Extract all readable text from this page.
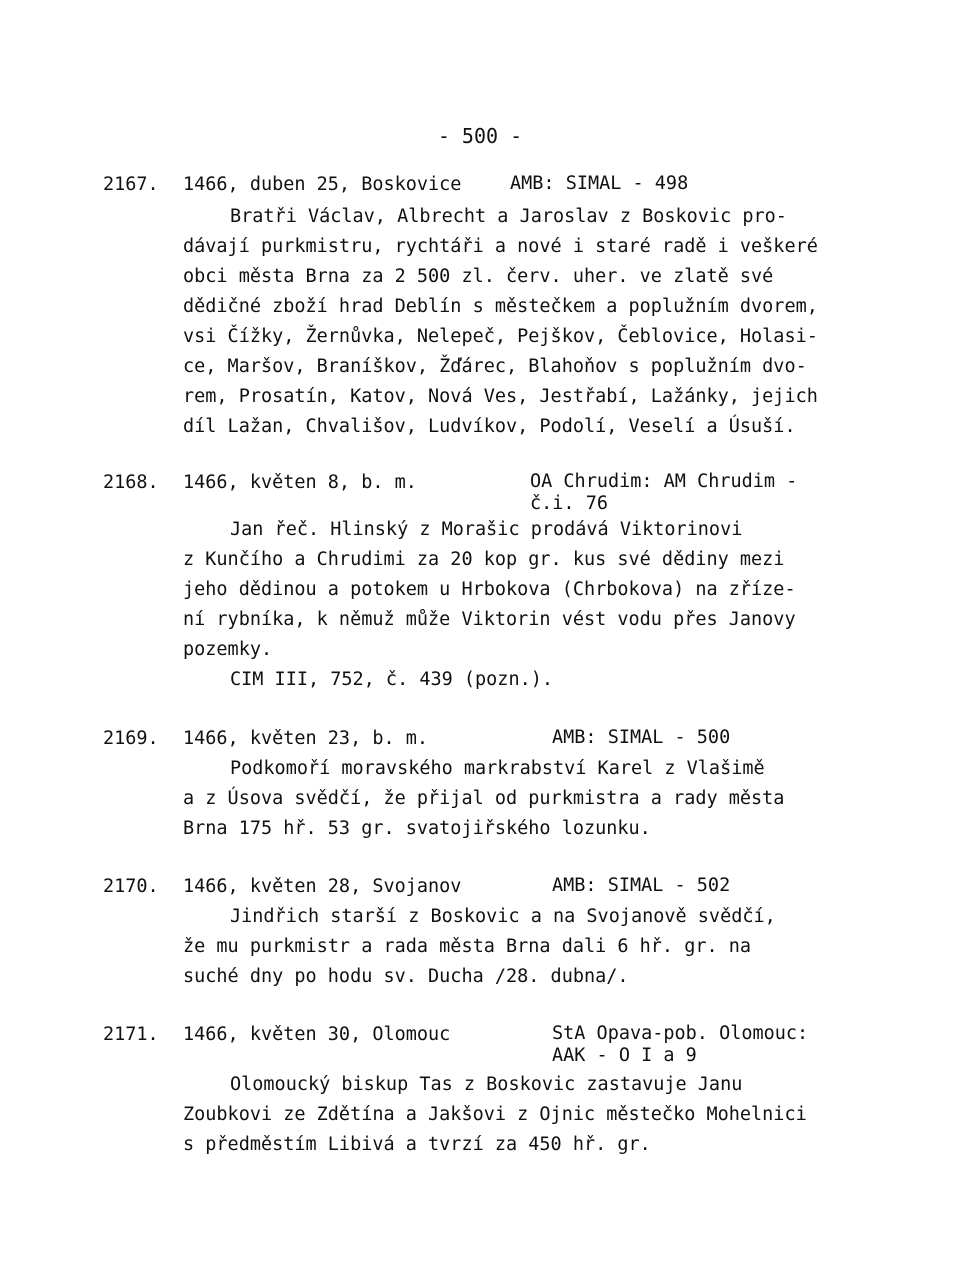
- 500 -
2167. 1466, duben 25, Boskovice	AMB: SIMAL - 498
Bratři Václav, Albrecht a Jaroslav z Boskovic pro-
dávají purkmistru, rychtáři a nové i staré radě i veškeré
obci města Brna za 2 500 zl. červ. uher. ve zlatě své
dědičné zboží hrad Deblín s městečkem a poplužním dvorem,
vsi Čížky, Žernůvka, Nelepeč, Pejškov, Čeblovice, Holasi-
ce, Maršov, Braníškov, Žďárec, Blahoňov s poplužním dvo-
rem, Prosatín, Katov, Nová Ves, Jestřabí, Lažánky, jejich
díl Lažan, Chvališov, Ludvíkov, Podolí, Veselí a Úsuší.
2168. 1466, květen 8, b. m.	OA Chrudim: AM Chrudim -
č.i. 76
Jan řeč. Hlinský z Morašic prodává Viktorinovi
z Kunčího a Chrudimi za 20 kop gr. kus své dědiny mezi
jeho dědinou a potokem u Hrbokova (Chrbokova) na zříze-
ní rybníka, k němuž může Viktorin vést vodu přes Janovy
pozemky.
CIM III, 752, č. 439 (pozn.).
2169. 1466, květen 23, b. m.	AMB: SIMAL - 500
Podkomoří moravského markrabství Karel z Vlašimě
a z Úsova svědčí, že přijal od purkmistra a rady města
Brna 175 hř. 53 gr. svatojiřského lozunku.
2170. 1466, květen 28, Svojanov	AMB: SIMAL - 502
Jindřich starší z Boskovic a na Svojanově svědčí,
že mu purkmistr a rada města Brna dali 6 hř. gr. na
suché dny po hodu sv. Ducha /28. dubna/.
2171. 1466, květen 30, Olomouc	StA Opava-pob. Olomouc:
AAK - O I a 9
Olomoucký biskup Tas z Boskovic zastavuje Janu
Zoubkovi ze Zdětína a Jakšovi z Ojnic městečko Mohelnici
s předměstím Libivá a tvrzí za 450 hř. gr.
